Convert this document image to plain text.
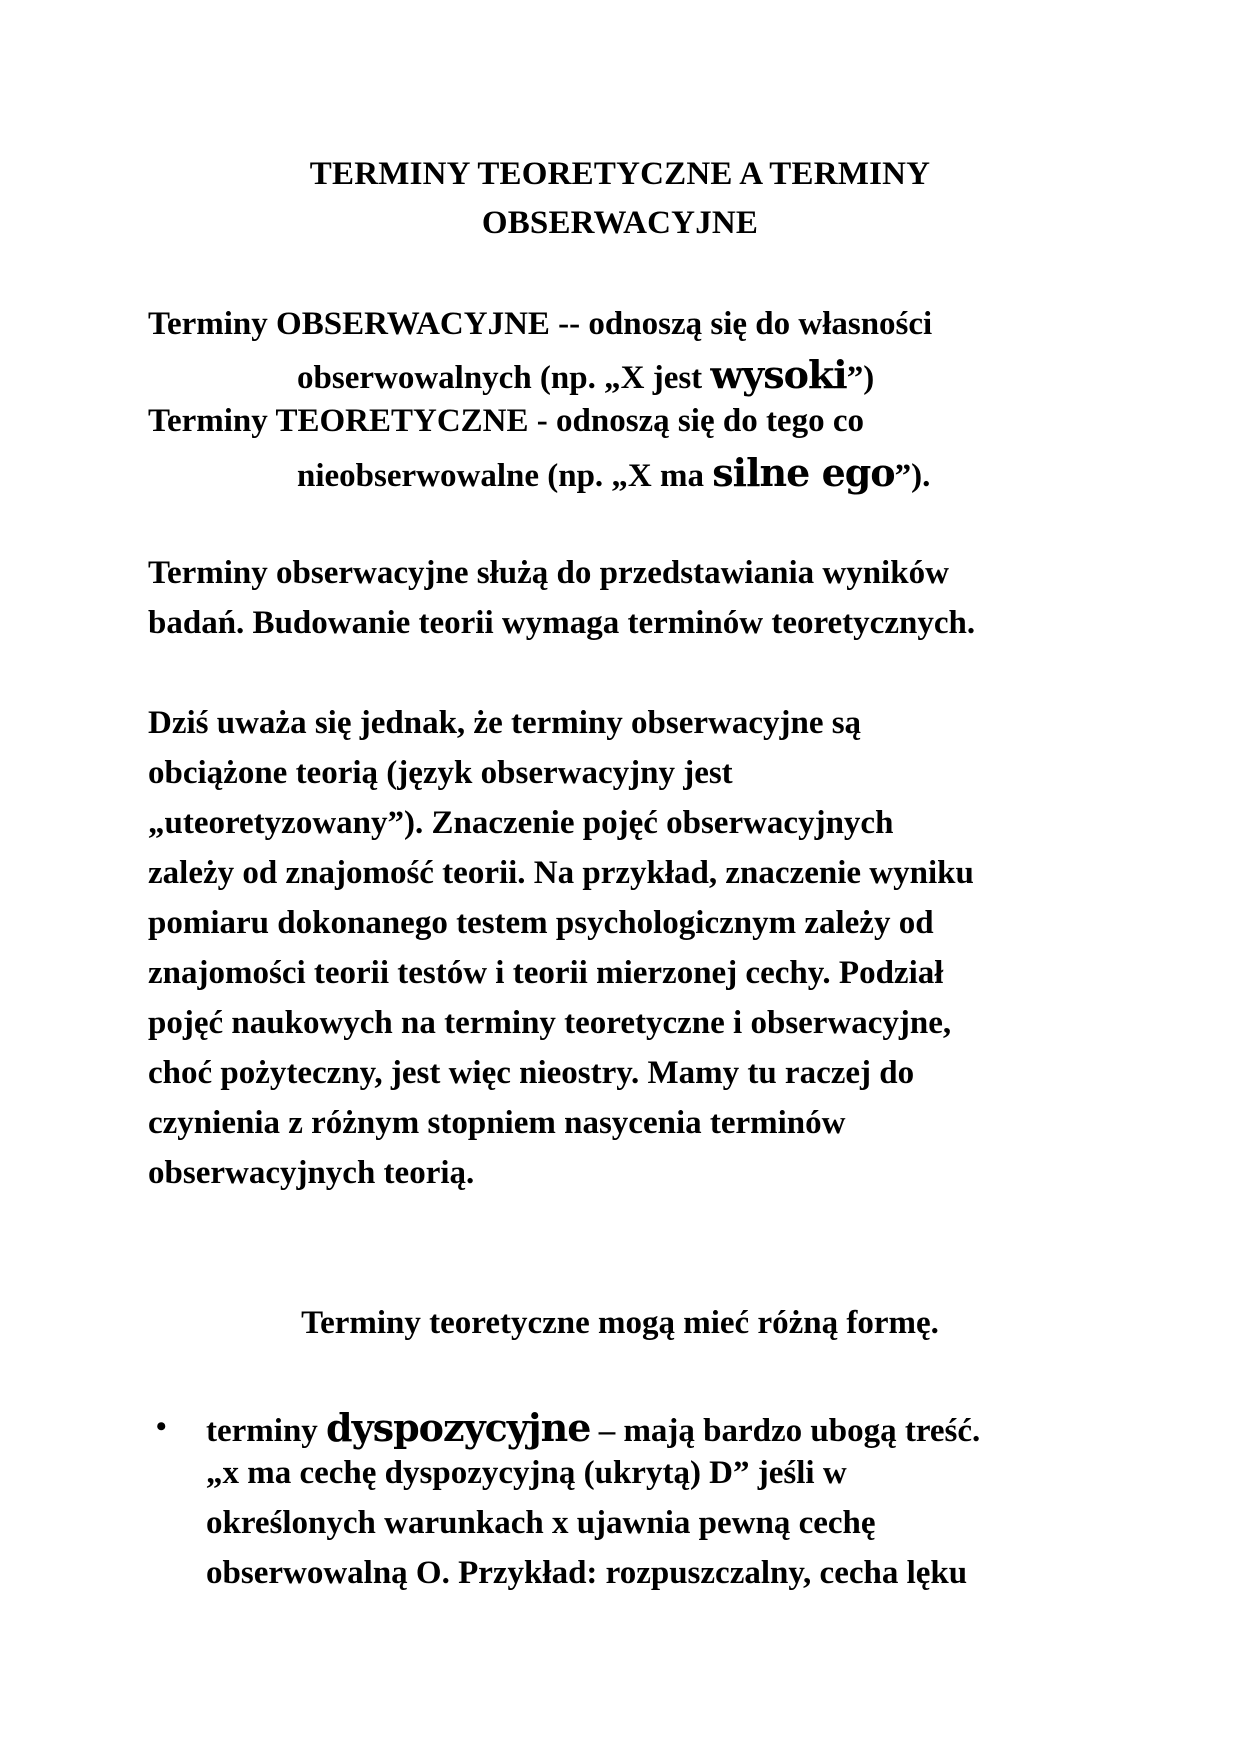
TERMINY TEORETYCZNE A TERMINY
OBSERWACYJNE
Terminy OBSERWACYJNE -- odnoszą się do własności
obserwowalnych (np. „X jest wysoki”)
Terminy TEORETYCZNE - odnoszą się do tego co
nieobserwowalne (np. „X ma silne ego”).
Terminy obserwacyjne służą do przedstawiania wyników
badań. Budowanie teorii wymaga terminów teoretycznych.
Dziś uważa się jednak, że terminy obserwacyjne są
obciążone teorią (język obserwacyjny jest
„uteoretyzowany”). Znaczenie pojęć obserwacyjnych
zależy od znajomość teorii. Na przykład, znaczenie wyniku
pomiaru dokonanego testem psychologicznym zależy od
znajomości teorii testów i teorii mierzonej cechy. Podział
pojęć naukowych na terminy teoretyczne i obserwacyjne,
choć pożyteczny, jest więc nieostry. Mamy tu raczej do
czynienia z różnym stopniem nasycenia terminów
obserwacyjnych teorią.
Terminy teoretyczne mogą mieć różną formę.
• terminy dyspozycyjne – mają bardzo ubogą treść.
„x ma cechę dyspozycyjną (ukrytą) D” jeśli w
określonych warunkach x ujawnia pewną cechę
obserwowalną O. Przykład: rozpuszczalny, cecha lęku
